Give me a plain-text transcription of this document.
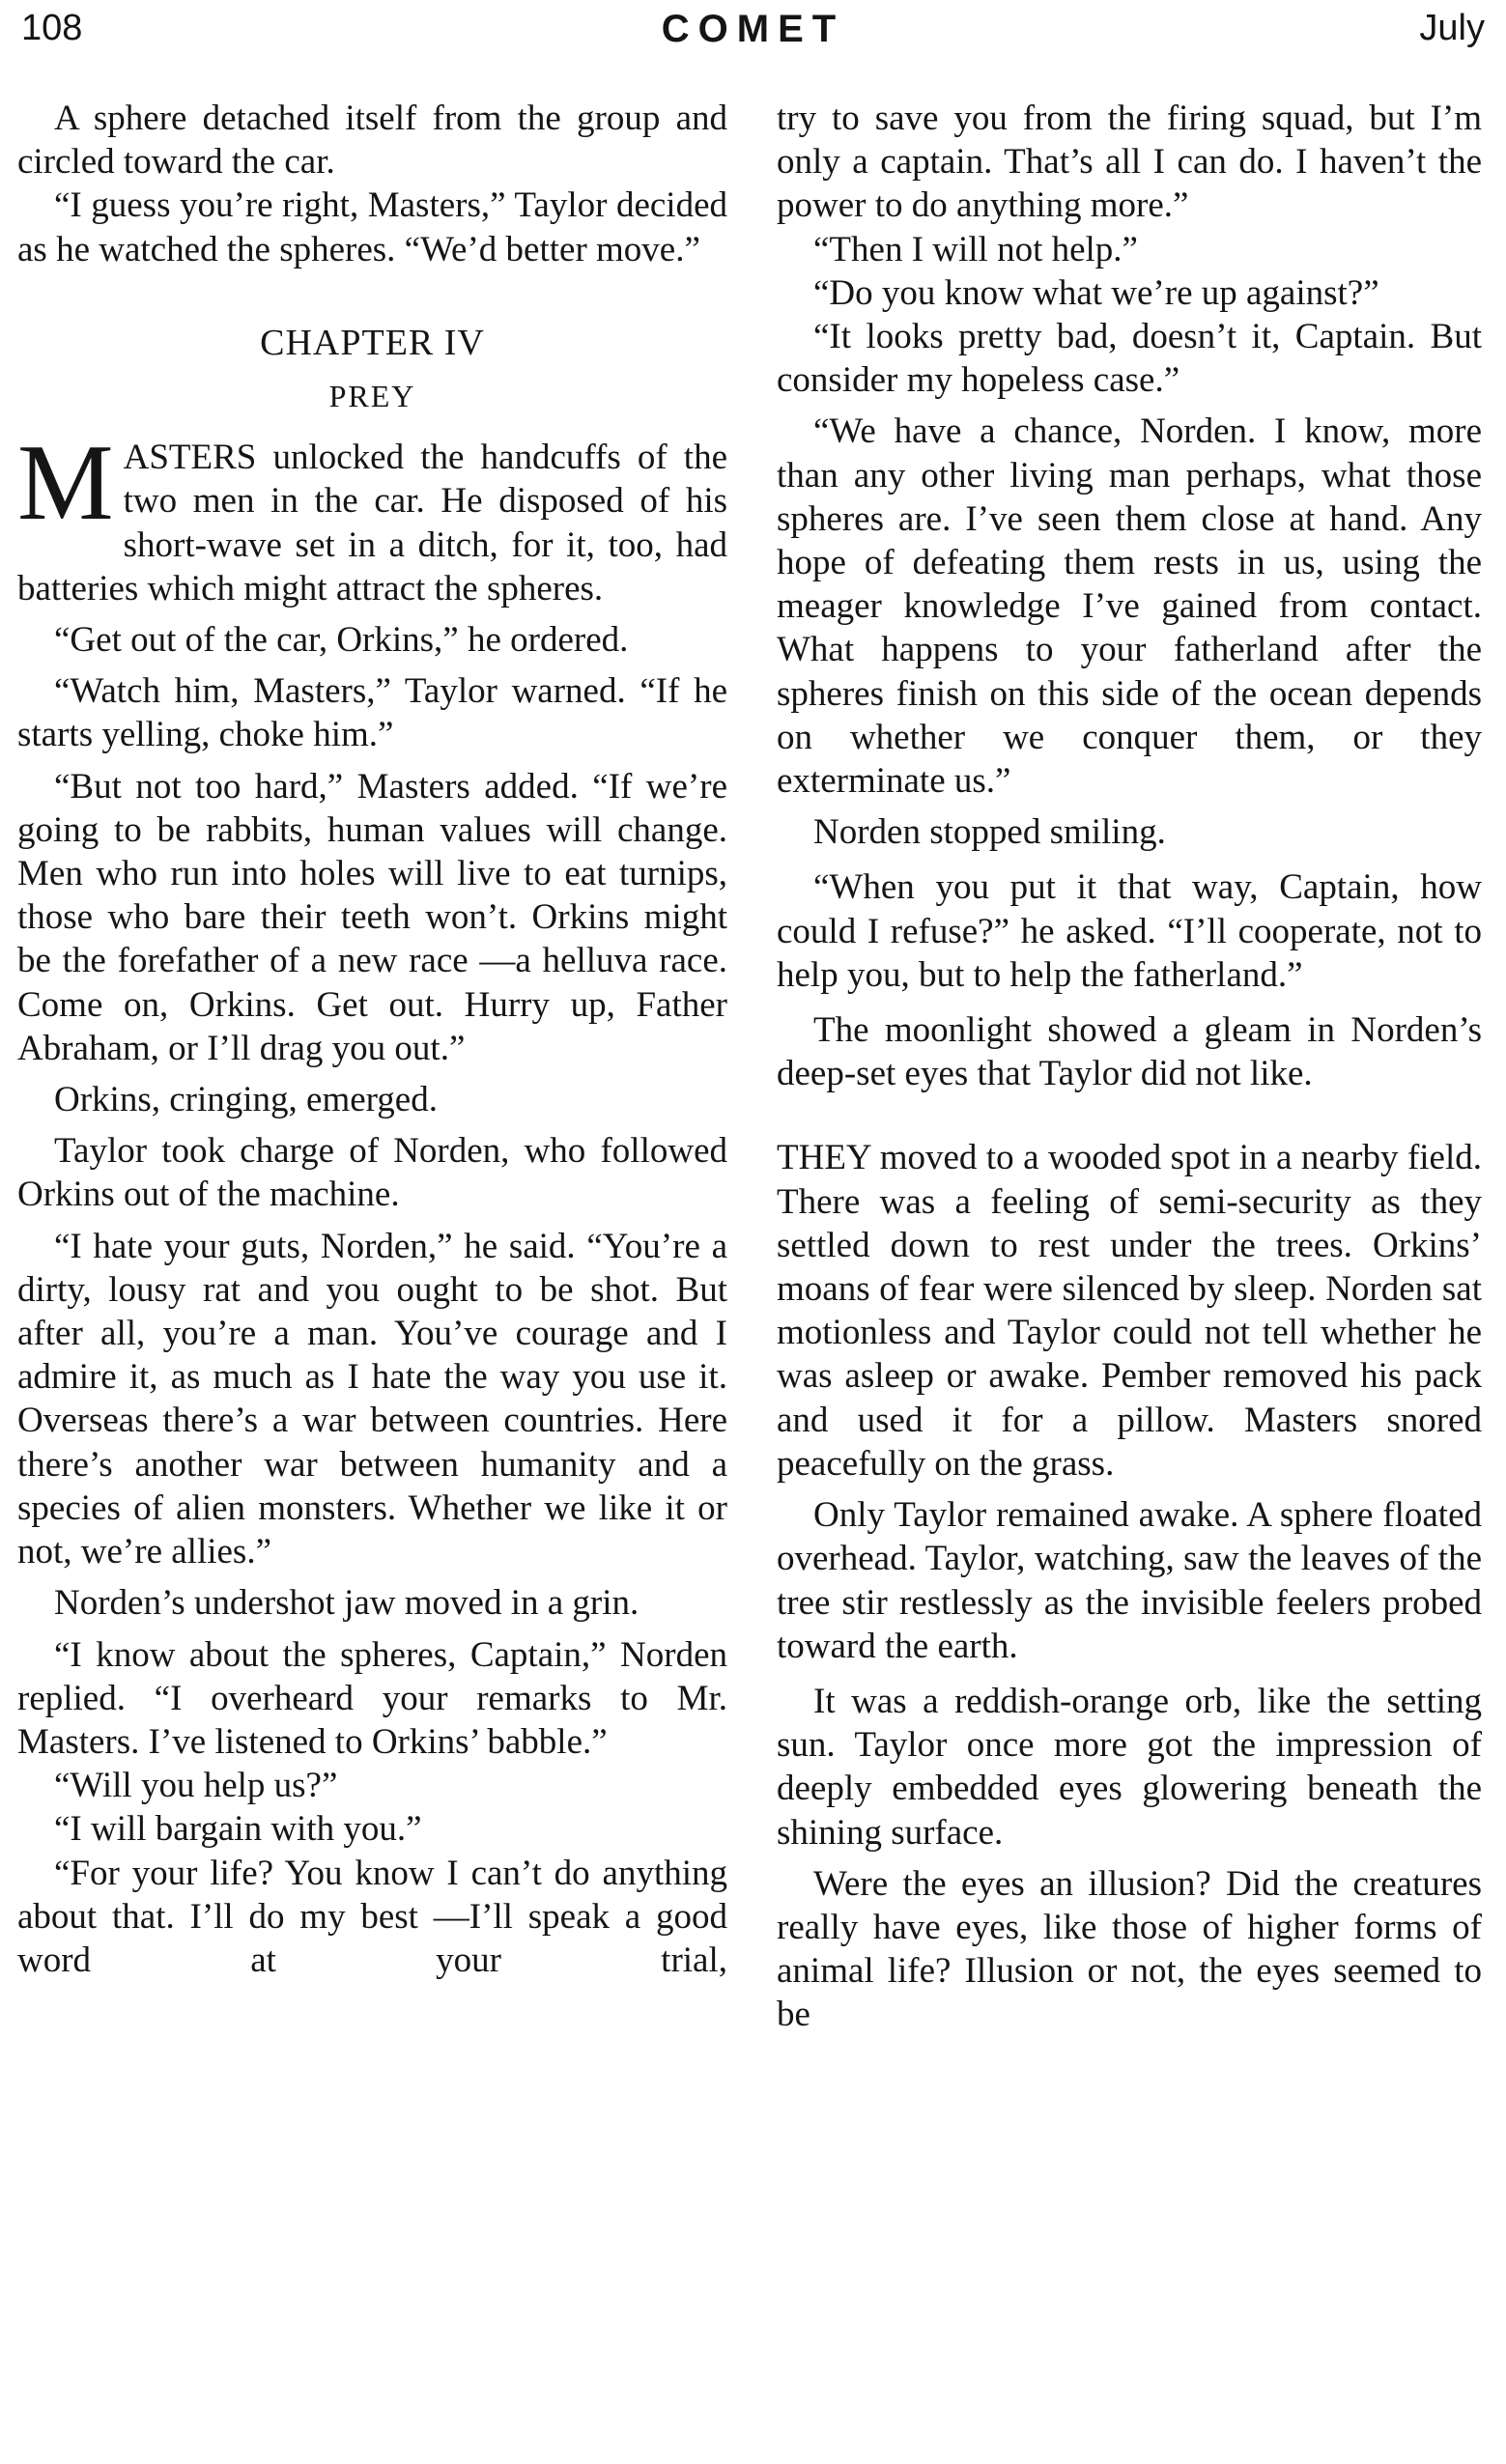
108	COMET	July

A sphere detached itself from the group and circled toward the car.

“I guess you’re right, Masters,” Taylor decided as he watched the spheres. “We’d better move.”

CHAPTER IV
PREY

MASTERS unlocked the handcuffs of the two men in the car. He disposed of his short-wave set in a ditch, for it, too, had batteries which might attract the spheres.

“Get out of the car, Orkins,” he ordered.

“Watch him, Masters,” Taylor warned. “If he starts yelling, choke him.”

“But not too hard,” Masters added. “If we’re going to be rabbits, human values will change. Men who run into holes will live to eat turnips, those who bare their teeth won’t. Orkins might be the forefather of a new race —a helluva race. Come on, Orkins. Get out. Hurry up, Father Abraham, or I’ll drag you out.”

Orkins, cringing, emerged.

Taylor took charge of Norden, who followed Orkins out of the machine.

“I hate your guts, Norden,” he said. “You’re a dirty, lousy rat and you ought to be shot. But after all, you’re a man. You’ve courage and I admire it, as much as I hate the way you use it. Overseas there’s a war between countries. Here there’s another war between humanity and a species of alien monsters. Whether we like it or not, we’re allies.”

Norden’s undershot jaw moved in a grin.

“I know about the spheres, Captain,” Norden replied. “I overheard your remarks to Mr. Masters. I’ve listened to Orkins’ babble.”

“Will you help us?”

“I will bargain with you.”

“For your life? You know I can’t do anything about that. I’ll do my best —I’ll speak a good word at your trial,

try to save you from the firing squad, but I’m only a captain. That’s all I can do. I haven’t the power to do anything more.”

“Then I will not help.”

“Do you know what we’re up against?”

“It looks pretty bad, doesn’t it, Captain. But consider my hopeless case.”

“We have a chance, Norden. I know, more than any other living man perhaps, what those spheres are. I’ve seen them close at hand. Any hope of defeating them rests in us, using the meager knowledge I’ve gained from contact. What happens to your fatherland after the spheres finish on this side of the ocean depends on whether we conquer them, or they exterminate us.”

Norden stopped smiling.

“When you put it that way, Captain, how could I refuse?” he asked. “I’ll cooperate, not to help you, but to help the fatherland.”

The moonlight showed a gleam in Norden’s deep-set eyes that Taylor did not like.

THEY moved to a wooded spot in a nearby field. There was a feeling of semi-security as they settled down to rest under the trees. Orkins’ moans of fear were silenced by sleep. Norden sat motionless and Taylor could not tell whether he was asleep or awake. Pember removed his pack and used it for a pillow. Masters snored peacefully on the grass.

Only Taylor remained awake. A sphere floated overhead. Taylor, watching, saw the leaves of the tree stir restlessly as the invisible feelers probed toward the earth.

It was a reddish-orange orb, like the setting sun. Taylor once more got the impression of deeply embedded eyes glowering beneath the shining surface.

Were the eyes an illusion? Did the creatures really have eyes, like those of higher forms of animal life? Illusion or not, the eyes seemed to be
